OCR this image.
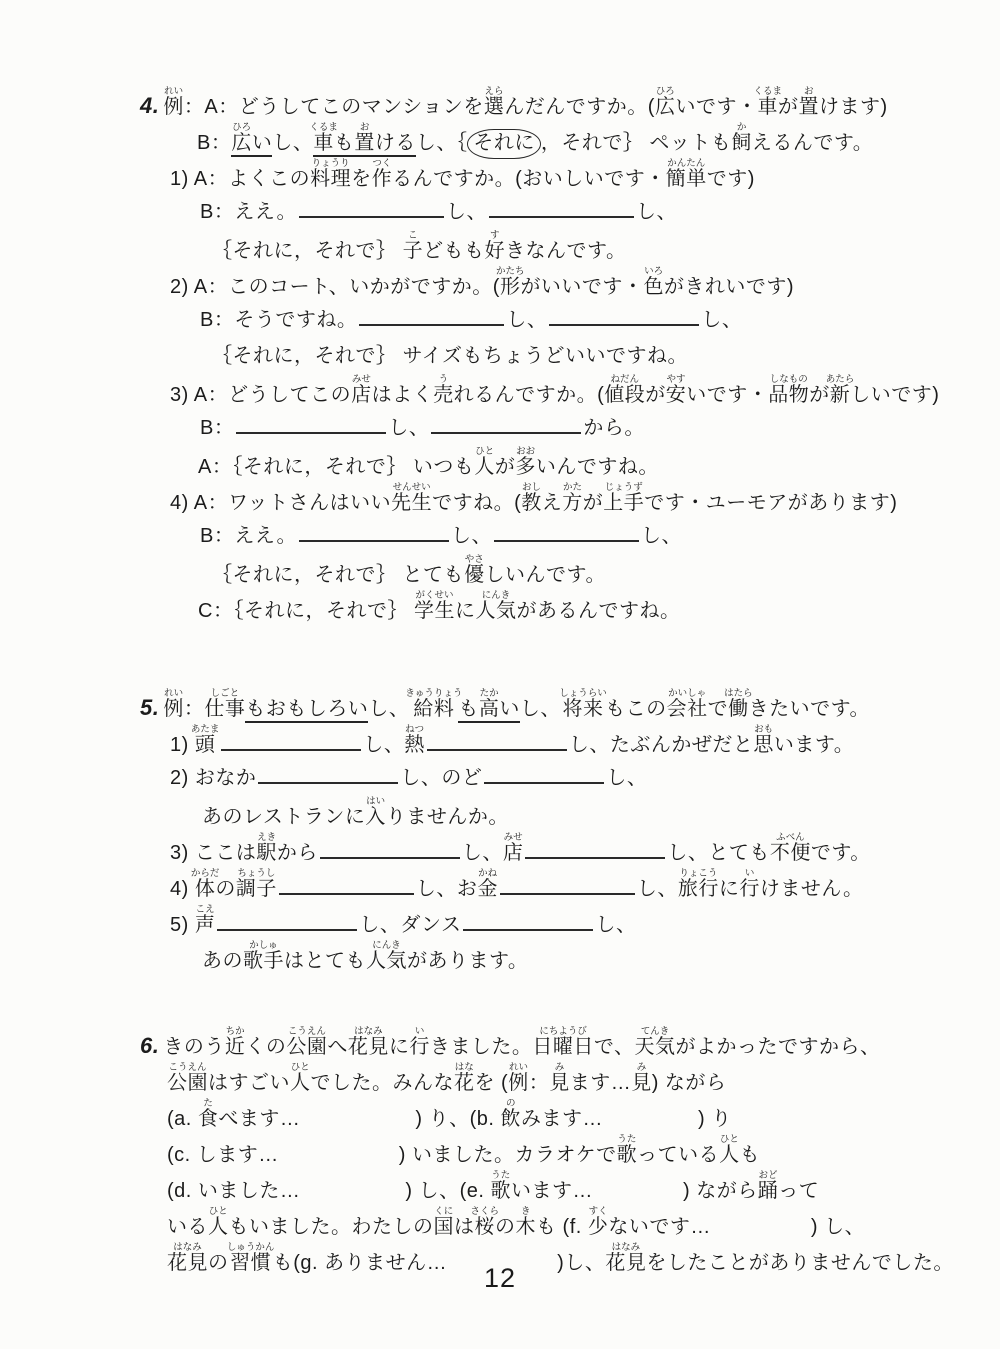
4. 例れい：A：どうしてこのマンションを選えらんだんですか。(広ひろいです・車くるまが置おけます)
B：広ひろいし、車くるまも置おけるし、｛ それに ，それで｝ ペットも飼かえるんです。
1) A：よくこの料理りょうりを作つくるんですか。(おいしいです・簡単かんたんです)
B：ええ。	し、	し、
｛それに，それで｝ 子こどもも好すきなんです。
2) A：このコート、いかがですか。(形かたちがいいです・色いろがきれいです)
B：そうですね。	し、	し、
｛それに，それで｝ サイズもちょうどいいですね。
3) A：どうしてこの店みせはよく売うれるんですか。(値段ねだんが安やすいです・品物しなものが新あたらしいです)
B：	し、	から。
A：｛それに，それで｝ いつも人ひとが多おおいんですね。
4) A：ワットさんはいい先生せんせいですね。(教おしえ方かたが上手じょうずです・ユーモアがあります)
B：ええ。	し、	し、
｛それに，それで｝ とても優やさしいんです。
C：｛それに，それで｝ 学生がくせいに人気にんきがあるんですね。
5. 例れい：仕事しごともおもしろいし、給料きゅうりょうも高たかいし、将来しょうらいもこの会社かいしゃで働はたらきたいです。
1) 頭あたまし、熱ねつし、たぶんかぜだと思おもいます。
2) おなか	し、のど	し、
あのレストランに入はいりませんか。
3) ここは駅えきから	し、店みせし、とても不便ふべんです。
4) 体からだの調子ちょうしし、お金かねし、旅行りょこうに行いけません。
5) 声こえし、ダンス	し、
あの歌手かしゅはとても人気にんきがあります。
6. きのう近ちかくの公園こうえんへ花見はなみに行いきました。日曜日にちようびで、天気てんきがよかったですから、
公園こうえんはすごい人ひとでした。みんな花はなを (例れい：見みます…見み) ながら
(a. 食たべます…	) り、(b. 飲のみます…	) り
(c. します…	) いました。カラオケで歌うたっている人ひとも
(d. いました…	) し、(e. 歌うたいます…	) ながら踊おどって
いる人ひともいました。わたしの国くには桜さくらの木きも (f. 少すくないです…	) し、
花見はなみの習慣しゅうかんも(g. ありません…	)し、花見はなみをしたことがありませんでした。
12
